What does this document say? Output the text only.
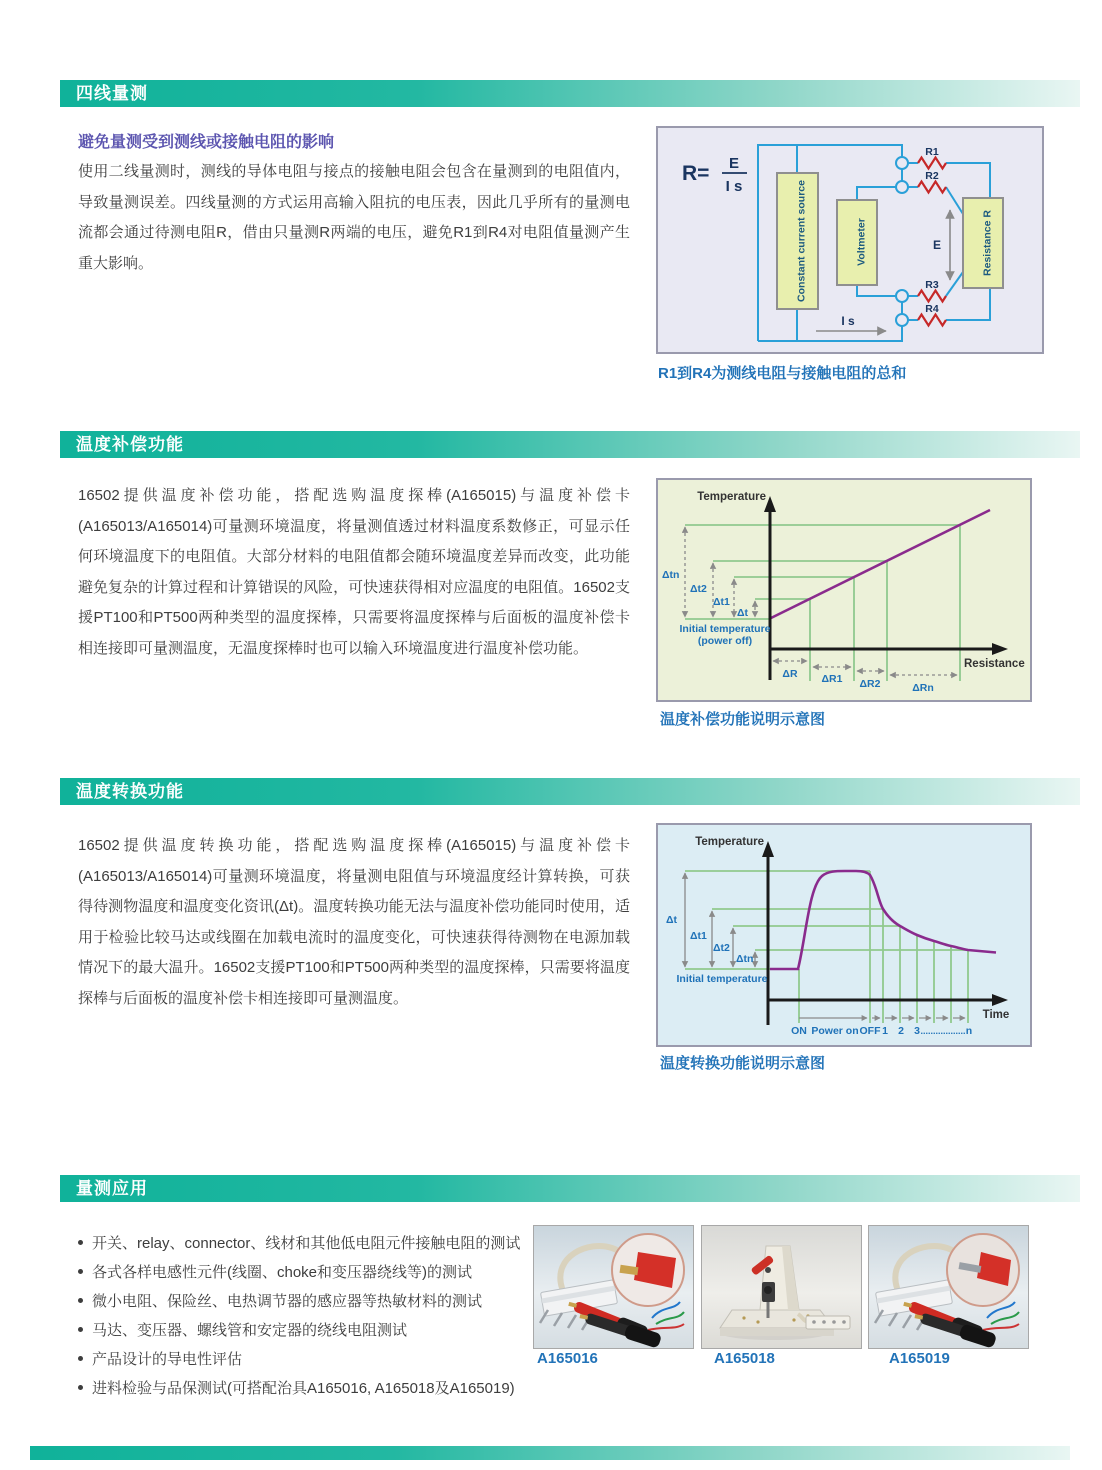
四线量测
避免量测受到测线或接触电阻的影响
使用二线量测时，测线的导体电阻与接点的接触电阻会包含在量测到的电阻值内，导致量测误差。四线量测的方式运用高输入阻抗的电压表，因此几乎所有的量测电流都会通过待测电阻R，借由只量测R两端的电压，避免R1到R4对电阻值量测产生重大影响。	Constant current source	Voltmeter	Resistance R
R1
R2
R3
R4
E
I s
R= E
I s
R1到R4为测线电阻与接触电阻的总和
温度补偿功能
16502提供温度补偿功能，搭配选购温度探棒(A165015)与温度补偿卡(A165013/A165014)可量测环境温度，将量测值透过材料温度系数修正，可显示任何环境温度下的电阻值。大部分材料的电阻值都会随环境温度差异而改变，此功能避免复杂的计算过程和计算错误的风险，可快速获得相对应温度的电阻值。16502支援PT100和PT500两种类型的温度探棒，只需要将温度探棒与后面板的温度补偿卡相连接即可量测温度，无温度探棒时也可以输入环境温度进行温度补偿功能。
Temperature
Resistance
Δtn
Δt2
Δt1
Δt
Initial temperature
(power off)
ΔR ΔR1 ΔR2	ΔRn
温度补偿功能说明示意图
温度转换功能
16502提供温度转换功能，搭配选购温度探棒(A165015)与温度补偿卡(A165013/A165014)可量测环境温度，将量测电阻值与环境温度经计算转换，可获得待测物温度和温度变化资讯(Δt)。温度转换功能无法与温度补偿功能同时使用，适用于检验比较马达或线圈在加载电流时的温度变化，可快速获得待测物在电源加载情况下的最大温升。16502支援PT100和PT500两种类型的温度探棒，只需要将温度探棒与后面板的温度补偿卡相连接即可量测温度。
Temperature
Time
Δt
Δt1
Δt2
Δtn
Initial temperature
ON Power on OFF 1 2 3 .................. n
温度转换功能说明示意图
量测应用
开关、relay、connector、线材和其他低电阻元件接触电阻的测试
各式各样电感性元件(线圈、choke和变压器绕线等)的测试
微小电阻、保险丝、电热调节器的感应器等热敏材料的测试
马达、变压器、螺线管和安定器的绕线电阻测试
产品设计的导电性评估
进料检验与品保测试(可搭配治具A165016, A165018及A165019)
A165016	A165018	A165019
